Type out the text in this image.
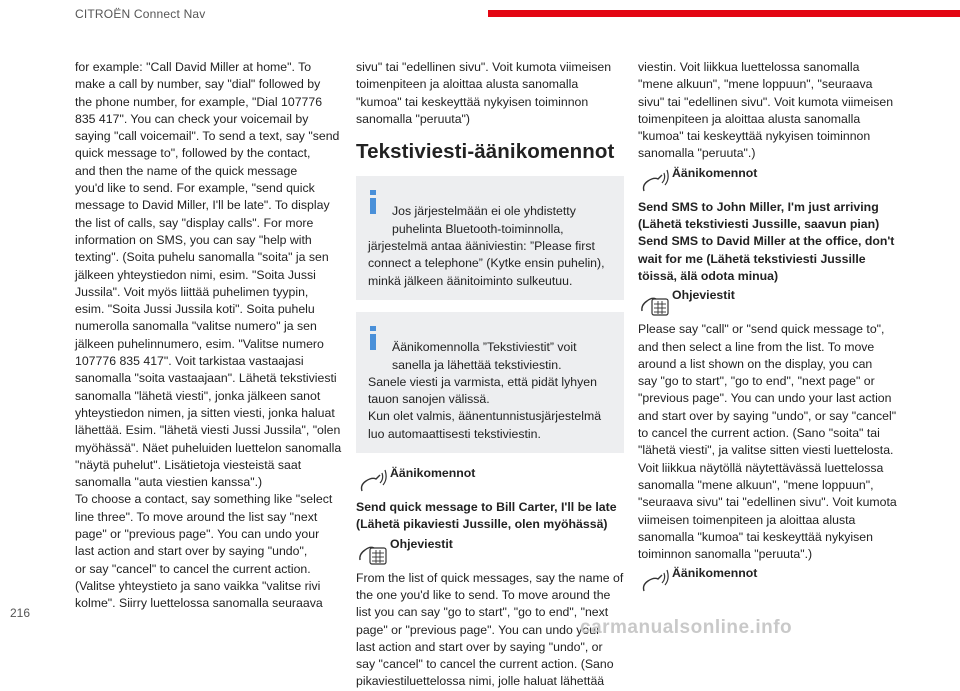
CITROËN Connect Nav

for example: "Call David Miller at home". To
make a call by number, say "dial" followed by
the phone number, for example, "Dial 107776
835 417". You can check your voicemail by
saying "call voicemail". To send a text, say "send
quick message to", followed by the contact,
and then the name of the quick message
you'd like to send. For example, "send quick
message to David Miller, I'll be late". To display
the list of calls, say "display calls". For more
information on SMS, you can say "help with
texting". (Soita puhelu sanomalla "soita" ja sen
jälkeen yhteystiedon nimi, esim. "Soita Jussi
Jussila". Voit myös liittää puhelimen tyypin,
esim. "Soita Jussi Jussila koti". Soita puhelu
numerolla sanomalla "valitse numero" ja sen
jälkeen puhelinnumero, esim. "Valitse numero
107776 835 417". Voit tarkistaa vastaajasi
sanomalla "soita vastaajaan". Lähetä tekstiviesti
sanomalla "lähetä viesti", jonka jälkeen sanot
yhteystiedon nimen, ja sitten viesti, jonka haluat
lähettää. Esim. "lähetä viesti Jussi Jussila", "olen
myöhässä". Näet puheluiden luettelon sanomalla
"näytä puhelut". Lisätietoja viesteistä saat
sanomalla "auta viestien kanssa".)
To choose a contact, say something like "select
line three". To move around the list say "next
page" or "previous page". You can undo your
last action and start over by saying "undo",
or say "cancel" to cancel the current action.
(Valitse yhteystieto ja sano vaikka "valitse rivi
kolme". Siirry luettelossa sanomalla seuraava

sivu" tai "edellinen sivu". Voit kumota viimeisen
toimenpiteen ja aloittaa alusta sanomalla
"kumoa" tai keskeyttää nykyisen toiminnon
sanomalla "peruuta")

Tekstiviesti-äänikomennot

Jos järjestelmään ei ole yhdistetty
puhelinta Bluetooth-toiminnolla,
järjestelmä antaa ääniviestin: ”Please first
connect a telephone” (Kytke ensin puhelin),
minkä jälkeen äänitoiminto sulkeutuu.

Äänikomennolla ”Tekstiviestit” voit
sanella ja lähettää tekstiviestin.
Sanele viesti ja varmista, että pidät lyhyen
tauon sanojen välissä.
Kun olet valmis, äänentunnistusjärjestelmä
luo automaattisesti tekstiviestin.

Äänikomennot

Send quick message to Bill Carter, I'll be late
(Lähetä pikaviesti Jussille, olen myöhässä)

Ohjeviestit

From the list of quick messages, say the name of
the one you'd like to send. To move around the
list you can say "go to start", "go to end", "next
page" or "previous page". You can undo your
last action and start over by saying "undo", or
say "cancel" to cancel the current action. (Sano
pikaviestiluettelossa nimi, jolle haluat lähettää

viestin. Voit liikkua luettelossa sanomalla
"mene alkuun", "mene loppuun", "seuraava
sivu" tai "edellinen sivu". Voit kumota viimeisen
toimenpiteen ja aloittaa alusta sanomalla
"kumoa" tai keskeyttää nykyisen toiminnon
sanomalla "peruuta".)

Äänikomennot

Send SMS to John Miller, I'm just arriving
(Lähetä tekstiviesti Jussille, saavun pian)
Send SMS to David Miller at the office, don't
wait for me (Lähetä tekstiviesti Jussille
töissä, älä odota minua)

Ohjeviestit

Please say "call" or "send quick message to",
and then select a line from the list. To move
around a list shown on the display, you can
say "go to start", "go to end", "next page" or
"previous page". You can undo your last action
and start over by saying "undo", or say "cancel"
to cancel the current action. (Sano "soita" tai
"lähetä viesti", ja valitse sitten viesti luettelosta.
Voit liikkua näytöllä näytettävässä luettelossa
sanomalla "mene alkuun", "mene loppuun",
"seuraava sivu" tai "edellinen sivu". Voit kumota
viimeisen toimenpiteen ja aloittaa alusta
sanomalla "kumoa" tai keskeyttää nykyisen
toiminnon sanomalla "peruuta".)

Äänikomennot
216
carmanualsonline.info
